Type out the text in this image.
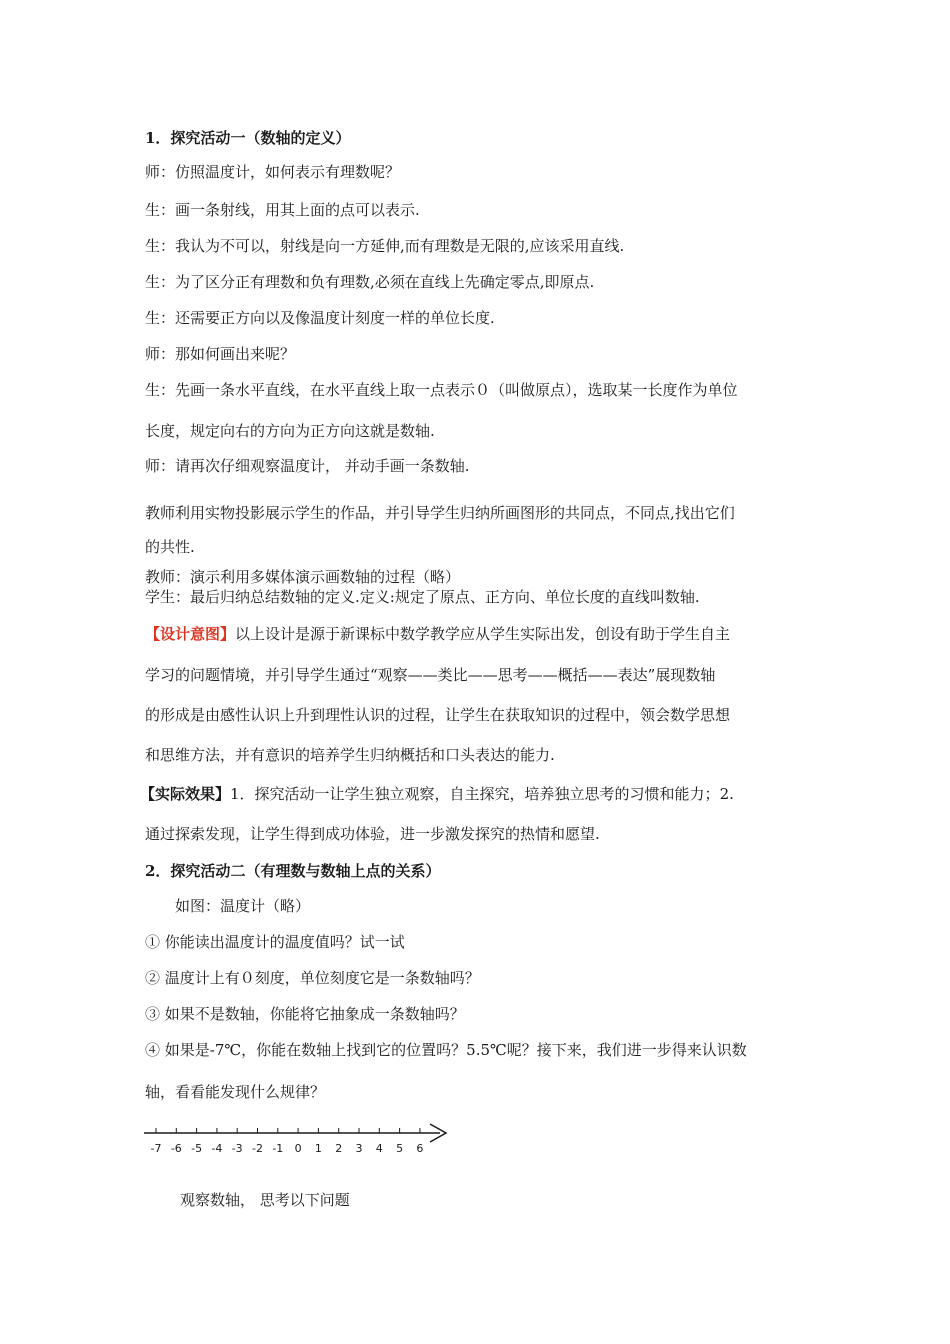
1．探究活动一（数轴的定义）
师：仿照温度计，如何表示有理数呢？
生：画一条射线，用其上面的点可以表示.
生：我认为不可以，射线是向一方延伸,而有理数是无限的,应该采用直线.
生：为了区分正有理数和负有理数,必须在直线上先确定零点,即原点.
生：还需要正方向以及像温度计刻度一样的单位长度.
师：那如何画出来呢？
生：先画一条水平直线，在水平直线上取一点表示０（叫做原点），选取某一长度作为单位
长度，规定向右的方向为正方向这就是数轴.
师：请再次仔细观察温度计， 并动手画一条数轴.
教师利用实物投影展示学生的作品，并引导学生归纳所画图形的共同点，不同点,找出它们
的共性.
教师：演示利用多媒体演示画数轴的过程（略）
学生：最后归纳总结数轴的定义.定义:规定了原点、正方向、单位长度的直线叫数轴.
【设计意图】以上设计是源于新课标中数学教学应从学生实际出发，创设有助于学生自主
学习的问题情境，并引导学生通过“观察——类比——思考——概括——表达”展现数轴
的形成是由感性认识上升到理性认识的过程，让学生在获取知识的过程中，领会数学思想
和思维方法，并有意识的培养学生归纳概括和口头表达的能力.
【实际效果】1．探究活动一让学生独立观察，自主探究，培养独立思考的习惯和能力；2.
通过探索发现，让学生得到成功体验，进一步激发探究的热情和愿望.
2．探究活动二（有理数与数轴上点的关系）
如图：温度计（略）
① 你能读出温度计的温度值吗？试一试
② 温度计上有０刻度，单位刻度它是一条数轴吗？
③ 如果不是数轴，你能将它抽象成一条数轴吗？
④ 如果是-7℃，你能在数轴上找到它的位置吗？5.5℃呢？接下来，我们进一步得来认识数
轴，看看能发现什么规律？
-7 -6 -5 -4 -3 -2 -1 0 1 2 3 4 5 6
观察数轴， 思考以下问题
